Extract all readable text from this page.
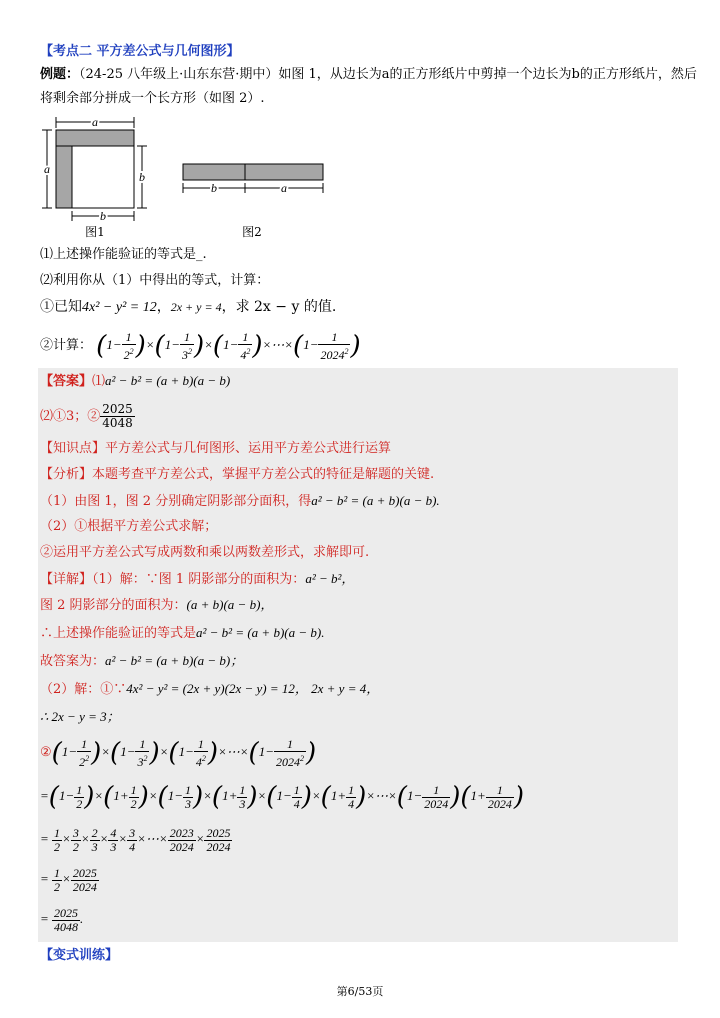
【考点二 平方差公式与几何图形】
例题：（24-25 八年级上·山东东营·期中）如图 1，从边长为a的正方形纸片中剪掉一个边长为b的正方形纸片，然后
将剩余部分拼成一个长方形（如图 2）.
a
a
b
b
图1
b	a
图2
⑴上述操作能验证的等式是_.
⑵利用你从（1）中得出的等式，计算：
①已知4x² − y² = 12，2x + y = 4，求 2x − y 的值.
②计算： $(1- \frac{1}{2^2} )\times(1- \frac{1}{3^2} )\times(1- \frac{1}{4^2}$ )×⋯×(1− $\frac{1}{2024^2}$ )
【答案】⑴a² − b² = (a + b)(a − b)
⑵①3；② $\frac{2025}{4048}$
【知识点】平方差公式与几何图形、运用平方差公式进行运算
【分析】本题考查平方差公式，掌握平方差公式的特征是解题的关键.
（1）由图 1，图 2 分别确定阴影部分面积，得a² − b² = (a + b)(a − b).
（2）①根据平方差公式求解；
②运用平方差公式写成两数和乘以两数差形式，求解即可.
【详解】（1）解：∵图 1 阴影部分的面积为：a² − b²，
图 2 阴影部分的面积为：(a + b)(a − b)，
∴上述操作能验证的等式是a² − b² = (a + b)(a − b).
故答案为：a² − b² = (a + b)(a − b)；
（2）解：①∵4x² − y² = (2x + y)(2x − y) = 12， 2x + y = 4，
∴ 2x − y = 3；
②(1− $\frac{1}{2^2} )\times(1- \frac{1}{3^2} )\times(1- \frac{1}{4^2}$ )×⋯×(1− $\frac{1}{2024^2}$ )
$=(1- \frac{1}{2} )\times(1+ \frac{1}{2} )\times(1- \frac{1}{3} )\times(1+ \frac{1}{3} )\times(1- \frac{1}{4} )\times(1+ \frac{1}{4}$ )×⋯×(1− $\frac{1}{2024} )(1+ \frac{1}{2024}$ )
= $\frac{1}{2} \times \frac{3}{2} \times \frac{2}{3} \times \frac{4}{3} \times \frac{3}{4}$ ×⋯× $\frac{2023}{2024} \times \frac{2025}{2024}$
= $\frac{1}{2} \times \frac{2025}{2024}$
= $\frac{2025}{4048}$ .
【变式训练】
第6/53页
